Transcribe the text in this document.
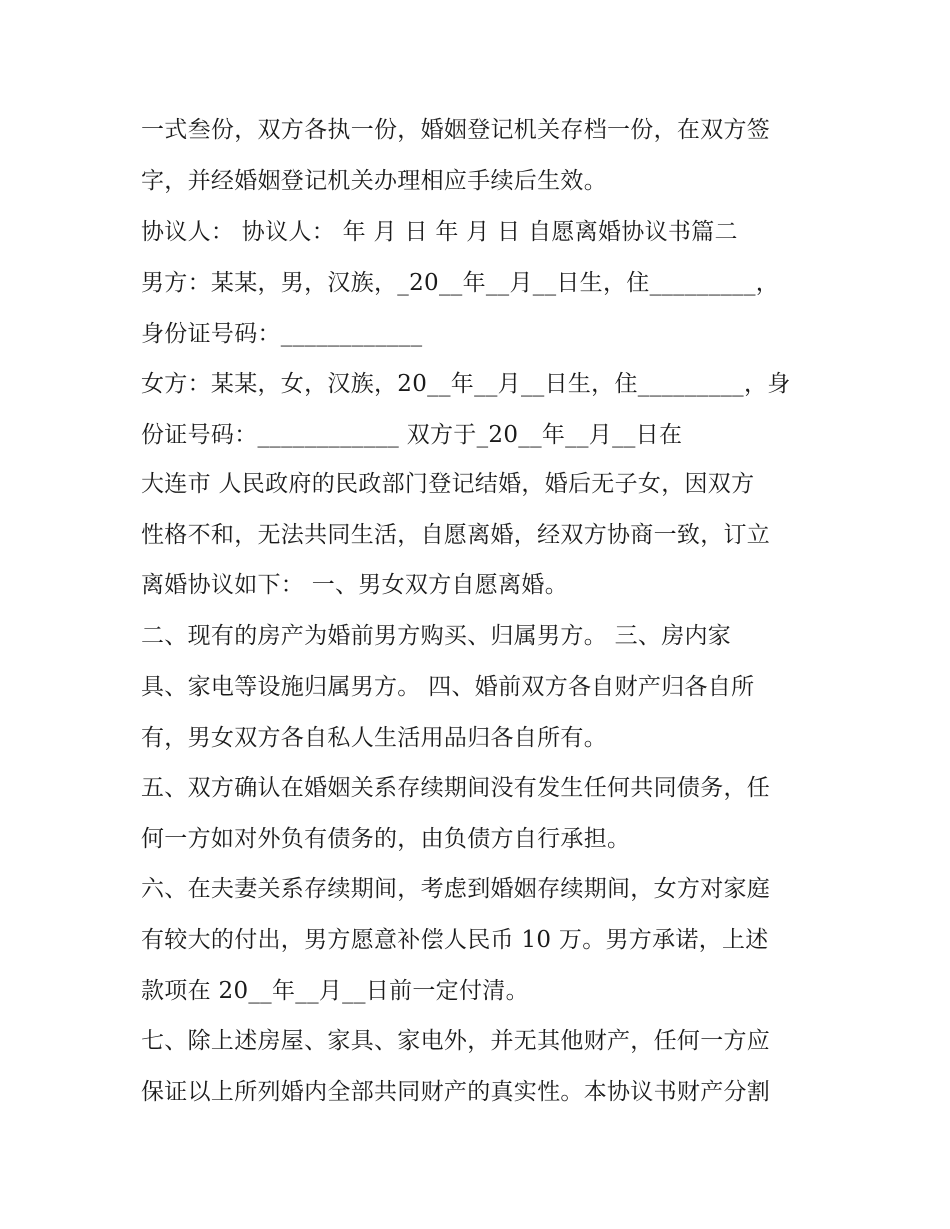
一式叁份，双方各执一份，婚姻登记机关存档一份，在双方签
字，并经婚姻登记机关办理相应手续后生效。
协议人： 协议人： 年 月 日 年 月 日 自愿离婚协议书篇二
男方：某某，男，汉族，_20__年__月__日生，住_________，
身份证号码：____________
女方：某某，女，汉族，20__年__月__日生，住_________，身
份证号码：____________ 双方于_20__年__月__日在
大连市 人民政府的民政部门登记结婚，婚后无子女，因双方
性格不和，无法共同生活，自愿离婚，经双方协商一致，订立
离婚协议如下： 一、男女双方自愿离婚。
二、现有的房产为婚前男方购买、归属男方。 三、房内家
具、家电等设施归属男方。 四、婚前双方各自财产归各自所
有，男女双方各自私人生活用品归各自所有。
五、双方确认在婚姻关系存续期间没有发生任何共同债务，任
何一方如对外负有债务的，由负债方自行承担。
六、在夫妻关系存续期间，考虑到婚姻存续期间，女方对家庭
有较大的付出，男方愿意补偿人民币 10 万。男方承诺，上述
款项在 20__年__月__日前一定付清。
七、除上述房屋、家具、家电外，并无其他财产，任何一方应
保证以上所列婚内全部共同财产的真实性。本协议书财产分割
